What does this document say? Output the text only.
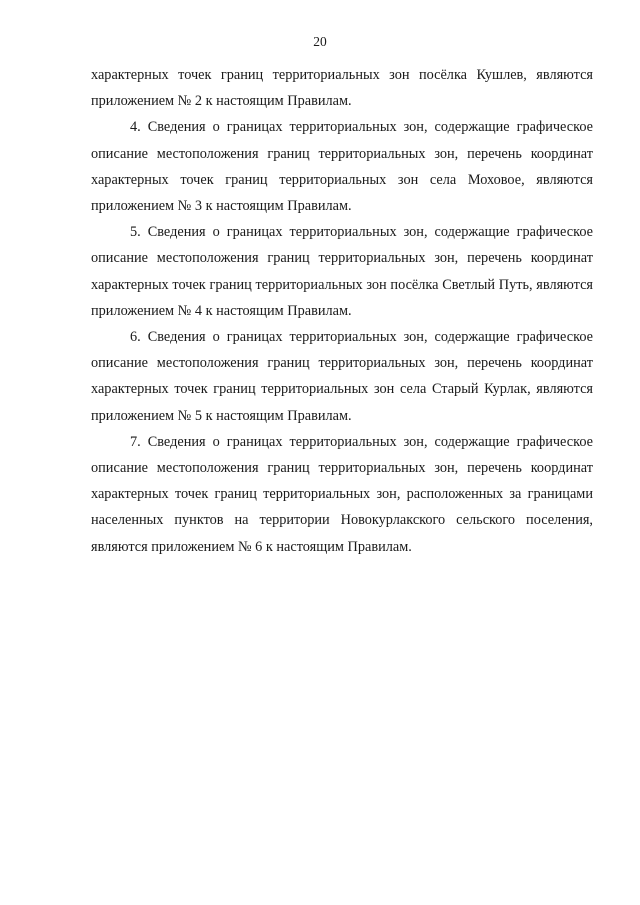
20

характерных точек границ территориальных зон посёлка Кушлев, являются приложением № 2 к настоящим Правилам.

4. Сведения о границах территориальных зон, содержащие графическое описание местоположения границ территориальных зон, перечень координат характерных точек границ территориальных зон села Моховое, являются приложением № 3 к настоящим Правилам.

5. Сведения о границах территориальных зон, содержащие графическое описание местоположения границ территориальных зон, перечень координат характерных точек границ территориальных зон посёлка Светлый Путь, являются приложением № 4 к настоящим Правилам.

6. Сведения о границах территориальных зон, содержащие графическое описание местоположения границ территориальных зон, перечень координат характерных точек границ территориальных зон села Старый Курлак, являются приложением № 5 к настоящим Правилам.

7. Сведения о границах территориальных зон, содержащие графическое описание местоположения границ территориальных зон, перечень координат характерных точек границ территориальных зон, расположенных за границами населенных пунктов на территории Новокурлакского сельского поселения, являются приложением № 6 к настоящим Правилам.
